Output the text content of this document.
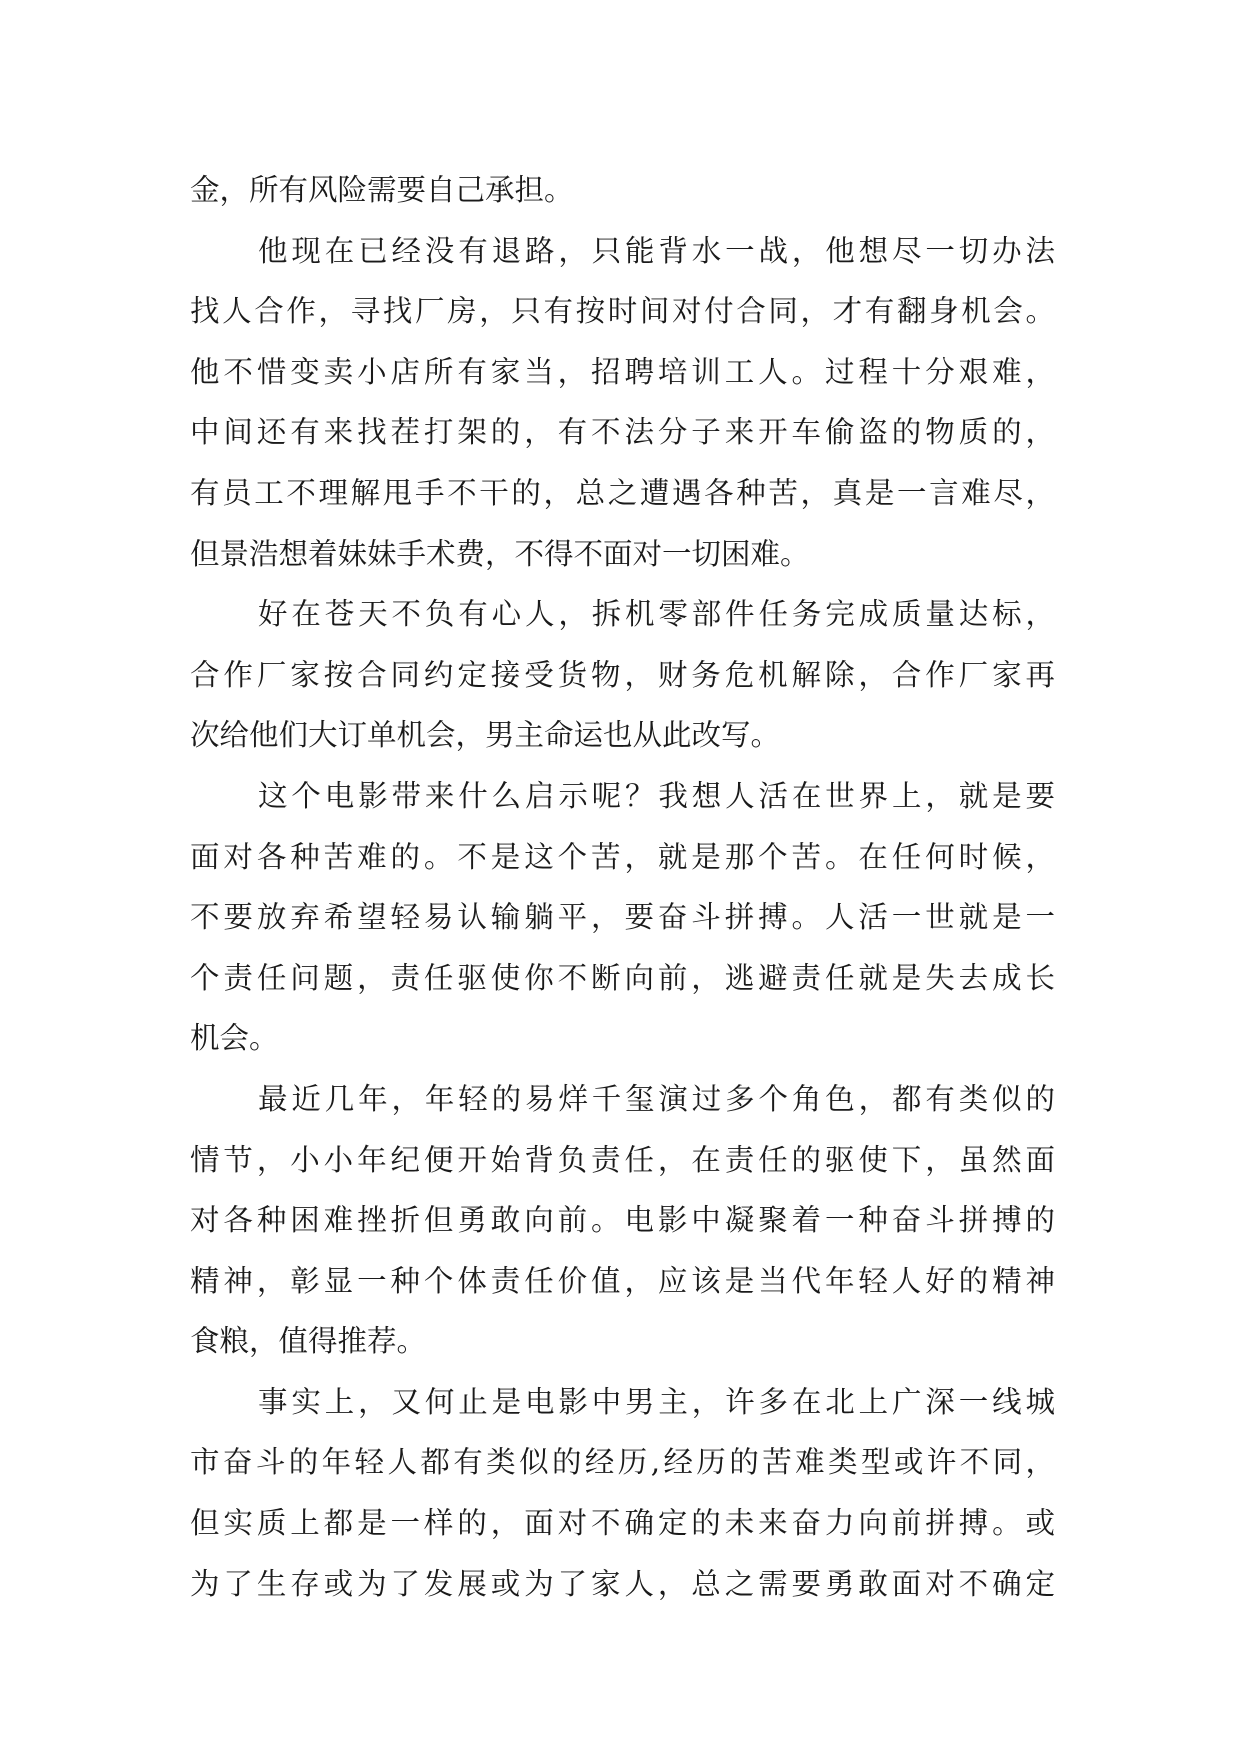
金，所有风险需要自己承担。
他现在已经没有退路，只能背水一战，他想尽一切办法
找人合作，寻找厂房，只有按时间对付合同，才有翻身机会。
他不惜变卖小店所有家当，招聘培训工人。过程十分艰难，
中间还有来找茬打架的，有不法分子来开车偷盗的物质的，
有员工不理解甩手不干的，总之遭遇各种苦，真是一言难尽，
但景浩想着妹妹手术费，不得不面对一切困难。
好在苍天不负有心人，拆机零部件任务完成质量达标，
合作厂家按合同约定接受货物，财务危机解除，合作厂家再
次给他们大订单机会，男主命运也从此改写。
这个电影带来什么启示呢？我想人活在世界上，就是要
面对各种苦难的。不是这个苦，就是那个苦。在任何时候，
不要放弃希望轻易认输躺平，要奋斗拼搏。人活一世就是一
个责任问题，责任驱使你不断向前，逃避责任就是失去成长
机会。
最近几年，年轻的易烊千玺演过多个角色，都有类似的
情节，小小年纪便开始背负责任，在责任的驱使下，虽然面
对各种困难挫折但勇敢向前。电影中凝聚着一种奋斗拼搏的
精神，彰显一种个体责任价值，应该是当代年轻人好的精神
食粮，值得推荐。
事实上，又何止是电影中男主，许多在北上广深一线城
市奋斗的年轻人都有类似的经历,经历的苦难类型或许不同，
但实质上都是一样的，面对不确定的未来奋力向前拼搏。或
为了生存或为了发展或为了家人，总之需要勇敢面对不确定
